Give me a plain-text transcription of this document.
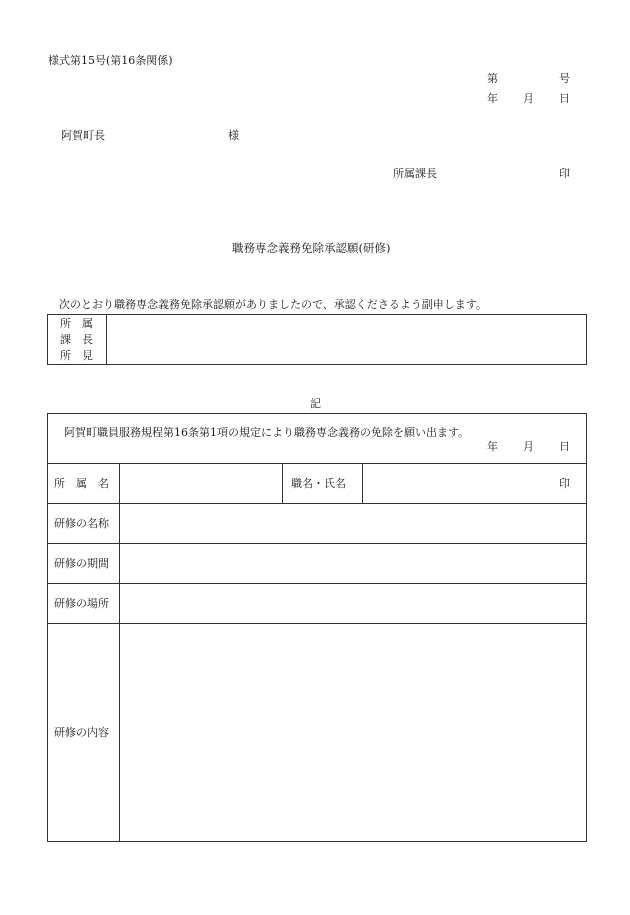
様式第15号(第16条関係)
第	号
年 月 日
阿賀町長	様
所属課長	印
職務専念義務免除承認願(研修)
次のとおり職務専念義務免除承認願がありましたので、承認くださるよう副申します。
所　属
課　長
所　見
記
阿賀町職員服務規程第16条第1項の規定により職務専念義務の免除を願い出ます。
年 月 日
所　属　名	職名・氏名	印
研修の名称
研修の期間
研修の場所
研修の内容
